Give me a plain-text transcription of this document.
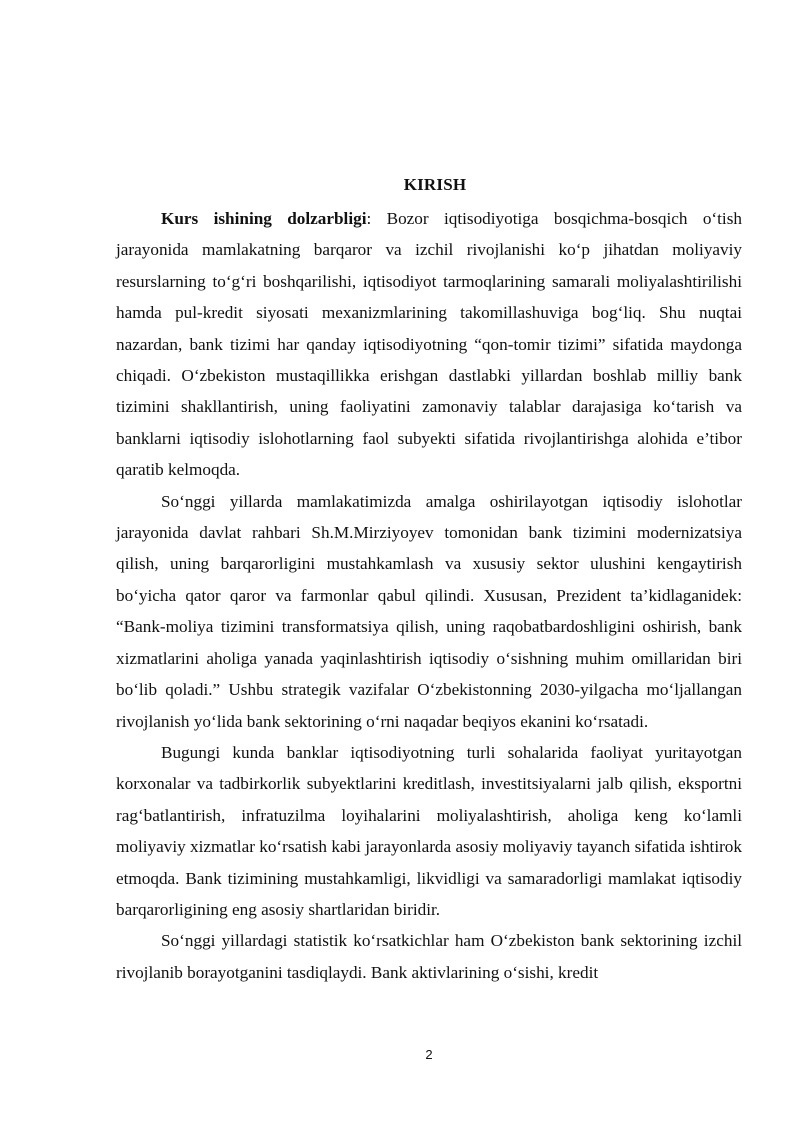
KIRISH

Kurs ishining dolzarbligi: Bozor iqtisodiyotiga bosqichma-bosqich oʻtish jarayonida mamlakatning barqaror va izchil rivojlanishi koʻp jihatdan moliyaviy resurslarning toʻgʻri boshqarilishi, iqtisodiyot tarmoqlarining samarali moliyalashtirilishi hamda pul-kredit siyosati mexanizmlarining takomillashuviga bogʻliq. Shu nuqtai nazardan, bank tizimi har qanday iqtisodiyotning “qon-tomir tizimi” sifatida maydonga chiqadi. Oʻzbekiston mustaqillikka erishgan dastlabki yillardan boshlab milliy bank tizimini shakllantirish, uning faoliyatini zamonaviy talablar darajasiga koʻtarish va banklarni iqtisodiy islohotlarning faol subyekti sifatida rivojlantirishga alohida e’tibor qaratib kelmoqda.

Soʻnggi yillarda mamlakatimizda amalga oshirilayotgan iqtisodiy islohotlar jarayonida davlat rahbari Sh.M.Mirziyoyev tomonidan bank tizimini modernizatsiya qilish, uning barqarorligini mustahkamlash va xususiy sektor ulushini kengaytirish boʻyicha qator qaror va farmonlar qabul qilindi. Xususan, Prezident ta’kidlaganidek: “Bank-moliya tizimini transformatsiya qilish, uning raqobatbardoshligini oshirish, bank xizmatlarini aholiga yanada yaqinlashtirish iqtisodiy oʻsishning muhim omillaridan biri boʻlib qoladi.” Ushbu strategik vazifalar Oʻzbekistonning 2030-yilgacha moʻljallangan rivojlanish yoʻlida bank sektorining oʻrni naqadar beqiyos ekanini koʻrsatadi.

Bugungi kunda banklar iqtisodiyotning turli sohalarida faoliyat yuritayotgan korxonalar va tadbirkorlik subyektlarini kreditlash, investitsiyalarni jalb qilish, eksportni ragʻbatlantirish, infratuzilma loyihalarini moliyalashtirish, aholiga keng koʻlamli moliyaviy xizmatlar koʻrsatish kabi jarayonlarda asosiy moliyaviy tayanch sifatida ishtirok etmoqda. Bank tizimining mustahkamligi, likvidligi va samaradorligi mamlakat iqtisodiy barqarorligining eng asosiy shartlaridan biridir.

Soʻnggi yillardagi statistik koʻrsatkichlar ham Oʻzbekiston bank sektorining izchil rivojlanib borayotganini tasdiqlaydi. Bank aktivlarining oʻsishi, kredit

2
